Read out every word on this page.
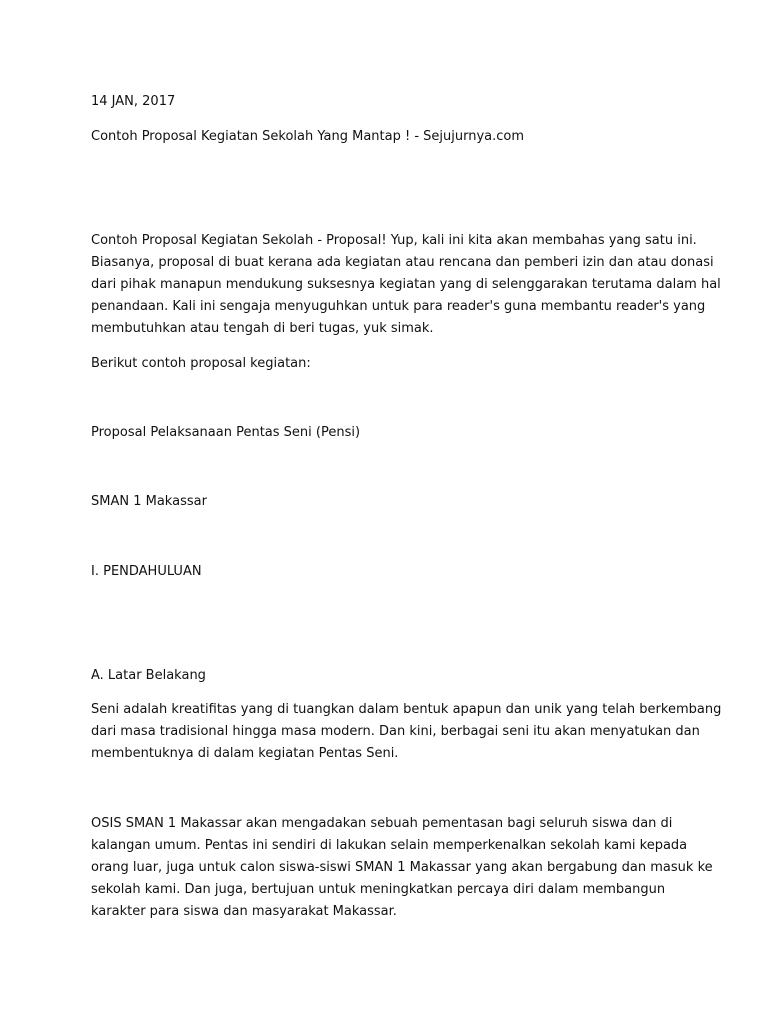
14 JAN, 2017

Contoh Proposal Kegiatan Sekolah Yang Mantap ! - Sejujurnya.com

Contoh Proposal Kegiatan Sekolah - Proposal! Yup, kali ini kita akan membahas yang satu ini.
Biasanya, proposal di buat kerana ada kegiatan atau rencana dan pemberi izin dan atau donasi
dari pihak manapun mendukung suksesnya kegiatan yang di selenggarakan terutama dalam hal
penandaan. Kali ini sengaja menyuguhkan untuk para reader's guna membantu reader's yang
membutuhkan atau tengah di beri tugas, yuk simak.

Berikut contoh proposal kegiatan:

Proposal Pelaksanaan Pentas Seni (Pensi)

SMAN 1 Makassar

I. PENDAHULUAN

A. Latar Belakang

Seni adalah kreatifitas yang di tuangkan dalam bentuk apapun dan unik yang telah berkembang
dari masa tradisional hingga masa modern. Dan kini, berbagai seni itu akan menyatukan dan
membentuknya di dalam kegiatan Pentas Seni.
OSIS SMAN 1 Makassar akan mengadakan sebuah pementasan bagi seluruh siswa dan di
kalangan umum. Pentas ini sendiri di lakukan selain memperkenalkan sekolah kami kepada
orang luar, juga untuk calon siswa-siswi SMAN 1 Makassar yang akan bergabung dan masuk ke
sekolah kami. Dan juga, bertujuan untuk meningkatkan percaya diri dalam membangun
karakter para siswa dan masyarakat Makassar.
